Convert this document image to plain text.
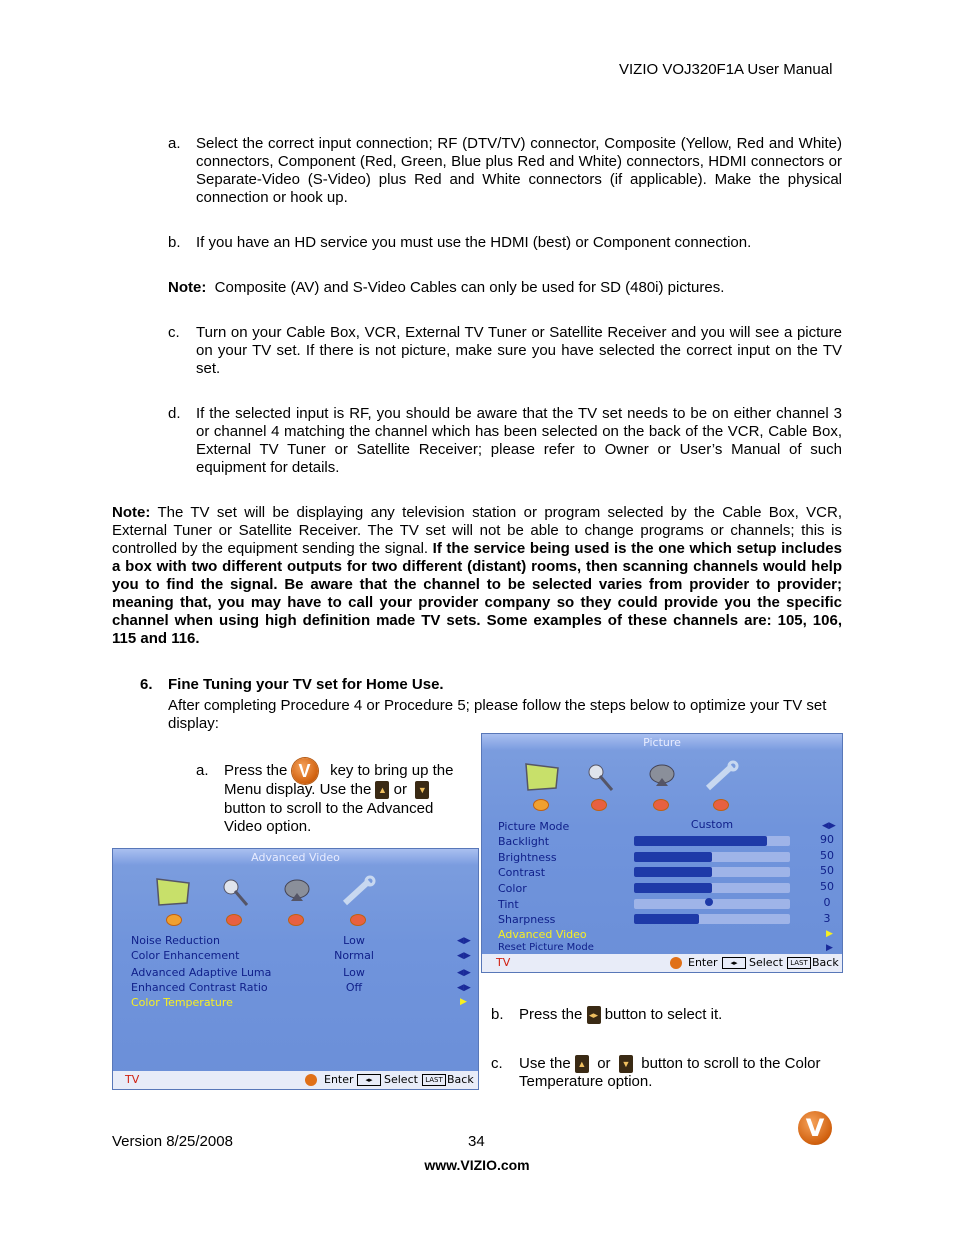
VIZIO VOJ320F1A User Manual
a. Select the correct input connection; RF (DTV/TV) connector, Composite (Yellow, Red and White) connectors, Component (Red, Green, Blue plus Red and White) connectors, HDMI connectors or Separate-Video (S-Video) plus Red and White connectors (if applicable). Make the physical connection or hook up.
b. If you have an HD service you must use the HDMI (best) or Component connection.
Note: Composite (AV) and S-Video Cables can only be used for SD (480i) pictures.
c. Turn on your Cable Box, VCR, External TV Tuner or Satellite Receiver and you will see a picture on your TV set. If there is not picture, make sure you have selected the correct input on the TV set.
d. If the selected input is RF, you should be aware that the TV set needs to be on either channel 3 or channel 4 matching the channel which has been selected on the back of the VCR, Cable Box, External TV Tuner or Satellite Receiver; please refer to Owner or User’s Manual of such equipment for details.
Note: The TV set will be displaying any television station or program selected by the Cable Box, VCR, External Tuner or Satellite Receiver. The TV set will not be able to change programs or channels; this is controlled by the equipment sending the signal. If the service being used is the one which setup includes a box with two different outputs for two different (distant) rooms, then scanning channels would help you to find the signal. Be aware that the channel to be selected varies from provider to provider; meaning that, you may have to call your provider company so they could provide you the specific channel when using high definition made TV sets. Some examples of these channels are: 105, 106, 115 and 116.
6. Fine Tuning your TV set for Home Use.
After completing Procedure 4 or Procedure 5; please follow the steps below to optimize your TV set display:
a. Press the V key to bring up the
Menu display. Use the ▲ or ▼
button to scroll to the Advanced
Video option.
Picture
Picture Mode	Custom	◀▶
Backlight	90
Brightness	50
Contrast	50
Color	50
Tint	0
Sharpness	3
Advanced Video	▶
Reset Picture Mode	▶
TV	Enter	◂▸	Select	LAST Back
Advanced Video
Noise Reduction	Low	◀▶
Color Enhancement	Normal	◀▶
Advanced Adaptive Luma	Low	◀▶
Enhanced Contrast Ratio	Off	◀▶
Color Temperature	▶
TV	Enter	◂▸	Select	LAST Back
b. Press the ◂▸ button to select it.
c. Use the ▲ or ▼ button to scroll to the Color
Temperature option.
Version 8/25/2008	34
www.VIZIO.com
V
